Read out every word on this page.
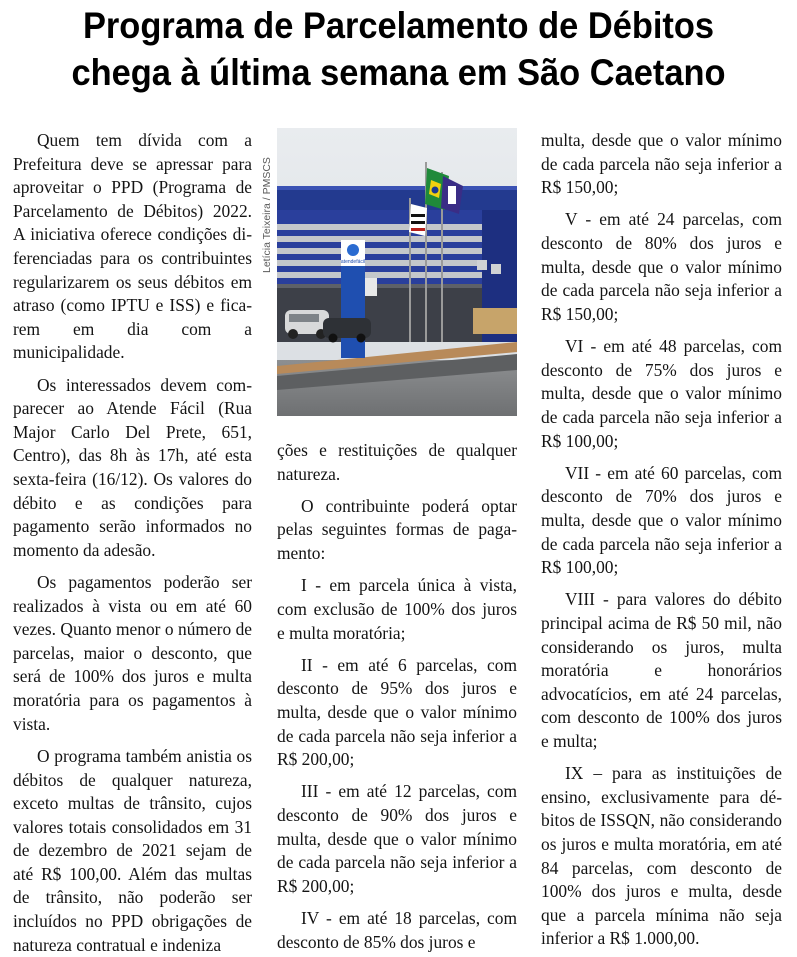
Programa de Parcelamento de Débitos
chega à última semana em São Caetano

Quem tem dívida com a Prefeitura deve se apressar para aproveitar o PPD (Programa de Parcelamento de Débitos) 2022. A iniciativa oferece condições diferenciadas para os contribuintes regularizarem os seus débitos em atraso (como IPTU e ISS) e ficarem em dia com a municipalidade.

Os interessados devem comparecer ao Atende Fácil (Rua Major Carlo Del Prete, 651, Centro), das 8h às 17h, até esta sexta-feira (16/12). Os valores do débito e as condições para pagamento serão informados no momento da adesão.

Os pagamentos poderão ser realizados à vista ou em até 60 vezes. Quanto menor o número de parcelas, maior o desconto, que será de 100% dos juros e multa moratória para os pagamentos à vista.

O programa também anistia os débitos de qualquer natureza, exceto multas de trânsito, cujos valores totais consolidados em 31 de dezembro de 2021 sejam de até R$ 100,00. Além das multas de trânsito, não poderão ser incluídos no PPD obrigações de natureza contratual e indeniza

Letícia Teixeira / PMSCS	atendefácil

ções e restituições de qualquer natureza.

O contribuinte poderá optar pelas seguintes formas de pagamento:

I - em parcela única à vista, com exclusão de 100% dos juros e multa moratória;

II - em até 6 parcelas, com desconto de 95% dos juros e multa, desde que o valor mínimo de cada parcela não seja inferior a R$ 200,00;

III - em até 12 parcelas, com desconto de 90% dos juros e multa, desde que o valor mínimo de cada parcela não seja inferior a R$ 200,00;

IV - em até 18 parcelas, com desconto de 85% dos juros e

multa, desde que o valor mínimo de cada parcela não seja inferior a R$ 150,00;

V - em até 24 parcelas, com desconto de 80% dos juros e multa, desde que o valor mínimo de cada parcela não seja inferior a R$ 150,00;

VI - em até 48 parcelas, com desconto de 75% dos juros e multa, desde que o valor mínimo de cada parcela não seja inferior a R$ 100,00;

VII - em até 60 parcelas, com desconto de 70% dos juros e multa, desde que o valor mínimo de cada parcela não seja inferior a R$ 100,00;

VIII - para valores do débito principal acima de R$ 50 mil, não considerando os juros, multa moratória e honorários advocatícios, em até 24 parcelas, com desconto de 100% dos juros e multa;

IX – para as instituições de ensino, exclusivamente para débitos de ISSQN, não considerando os juros e multa moratória, em até 84 parcelas, com desconto de 100% dos juros e multa, desde que a parcela mínima não seja inferior a R$ 1.000,00.
